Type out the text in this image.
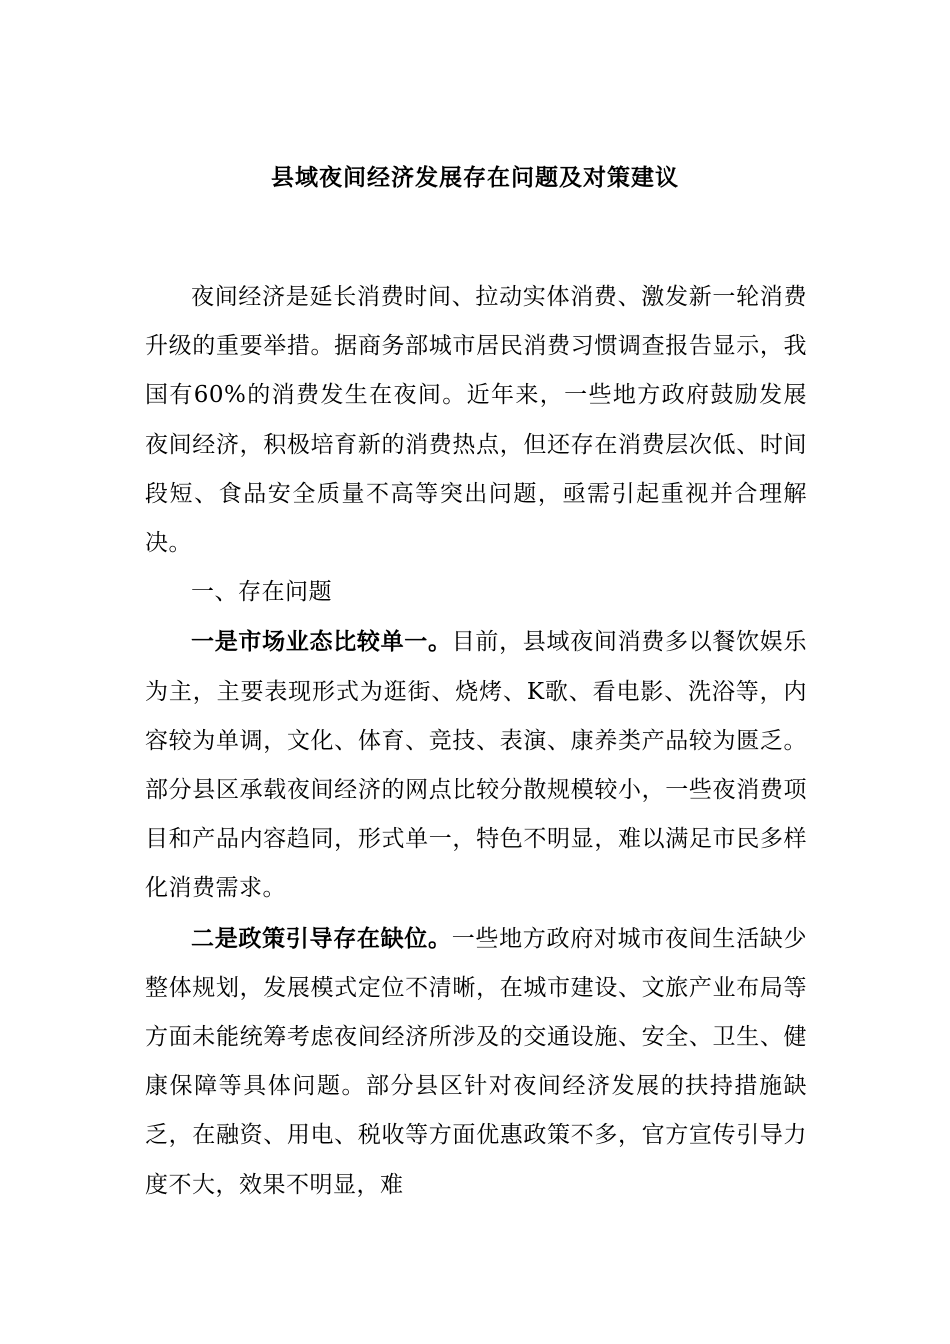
县域夜间经济发展存在问题及对策建议

夜间经济是延长消费时间、拉动实体消费、激发新一轮消费升级的重要举措。据商务部城市居民消费习惯调查报告显示，我国有60%的消费发生在夜间。近年来，一些地方政府鼓励发展夜间经济，积极培育新的消费热点，但还存在消费层次低、时间段短、食品安全质量不高等突出问题，亟需引起重视并合理解决。

一、存在问题

一是市场业态比较单一。目前，县域夜间消费多以餐饮娱乐为主，主要表现形式为逛街、烧烤、K歌、看电影、洗浴等，内容较为单调，文化、体育、竞技、表演、康养类产品较为匮乏。部分县区承载夜间经济的网点比较分散规模较小，一些夜消费项目和产品内容趋同，形式单一，特色不明显，难以满足市民多样化消费需求。

二是政策引导存在缺位。一些地方政府对城市夜间生活缺少整体规划，发展模式定位不清晰，在城市建设、文旅产业布局等方面未能统筹考虑夜间经济所涉及的交通设施、安全、卫生、健康保障等具体问题。部分县区针对夜间经济发展的扶持措施缺乏，在融资、用电、税收等方面优惠政策不多，官方宣传引导力度不大，效果不明显，难
